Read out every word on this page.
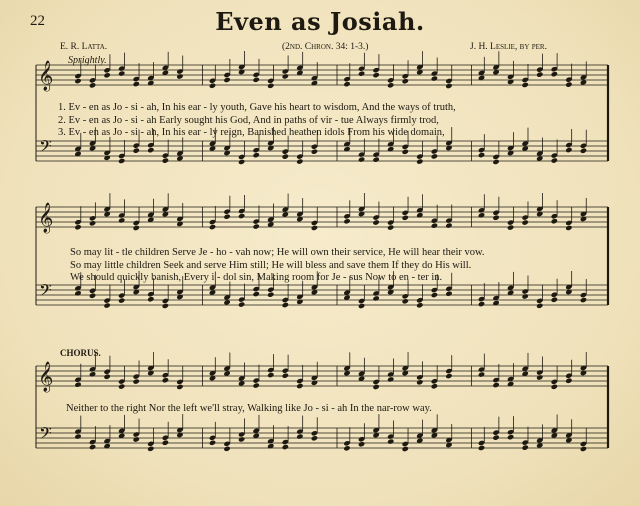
22	Even as Josiah.
E. R. Latta.	(2nd. Chron. 34: 1-3.)	J. H. Leslie, by per.
Sprightly.
1. Ev - en as Jo - si - ah, In his ear - ly youth, Gave his heart to wisdom, And the ways of truth,
2. Ev - en as Jo - si - ah Early sought his God, And in paths of vir - tue Always firmly trod,
3. Ev - en as Jo - si - ah, In his ear - ly reign, Banished heathen idols From his wide domain,
So may lit - tle children Serve Je - ho - vah now; He will own their service, He will hear their vow.
So may little children Seek and serve Him still; He will bless and save them If they do His will.
We should quickly banish, Every i - dol sin, Making room for Je - sus Now to en - ter in.
CHORUS.
Neither to the right Nor the left we'll stray, Walking like Jo - si - ah In the nar-row way.
𝄞
𝄢
𝄞
𝄢
𝄞
𝄢
